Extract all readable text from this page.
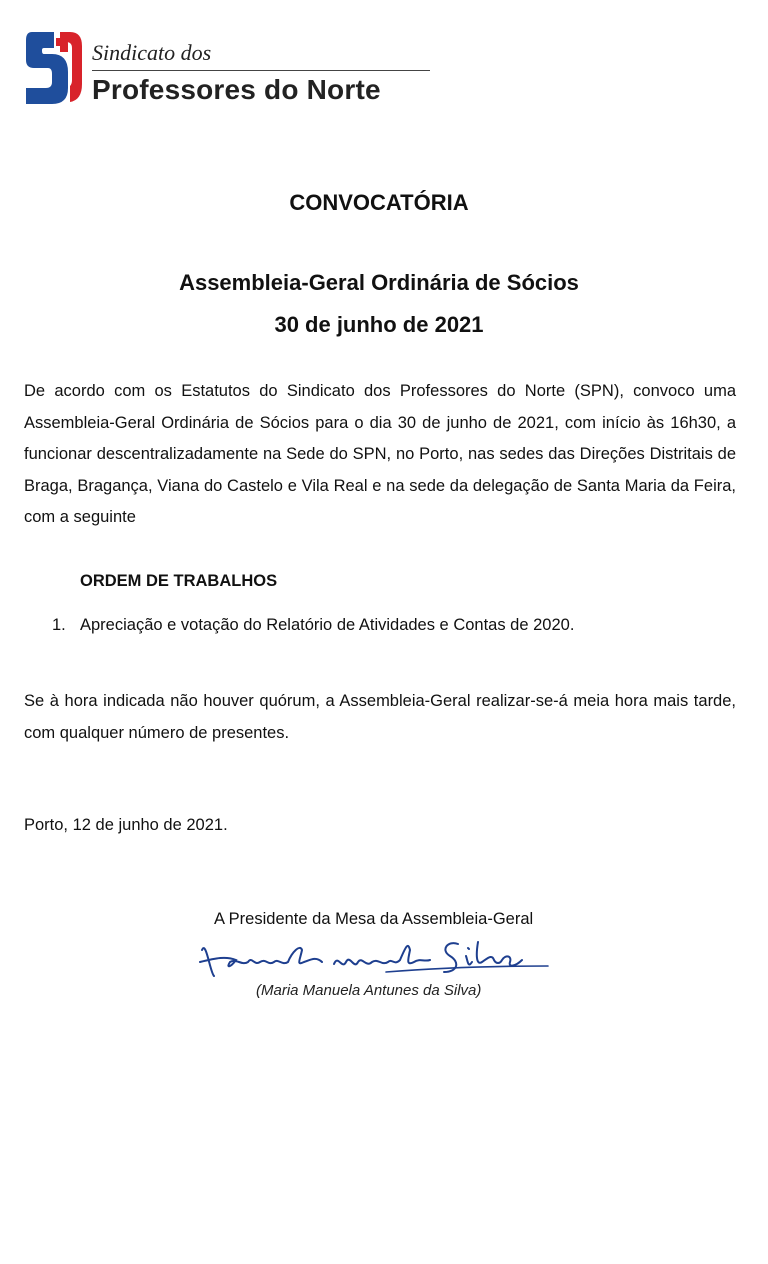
Sindicato dos
Professores do Norte
CONVOCATÓRIA
Assembleia-Geral Ordinária de Sócios
30 de junho de 2021
De acordo com os Estatutos do Sindicato dos Professores do Norte (SPN), convoco uma Assembleia-Geral Ordinária de Sócios para o dia 30 de junho de 2021, com início às 16h30, a funcionar descentralizadamente na Sede do SPN, no Porto, nas sedes das Direções Distritais de Braga, Bragança, Viana do Castelo e Vila Real e na sede da delegação de Santa Maria da Feira, com a seguinte
ORDEM DE TRABALHOS
1. Apreciação e votação do Relatório de Atividades e Contas de 2020.
Se à hora indicada não houver quórum, a Assembleia-Geral realizar-se-á meia hora mais tarde, com qualquer número de presentes.
Porto, 12 de junho de 2021.
A Presidente da Mesa da Assembleia-Geral
(Maria Manuela Antunes da Silva)
